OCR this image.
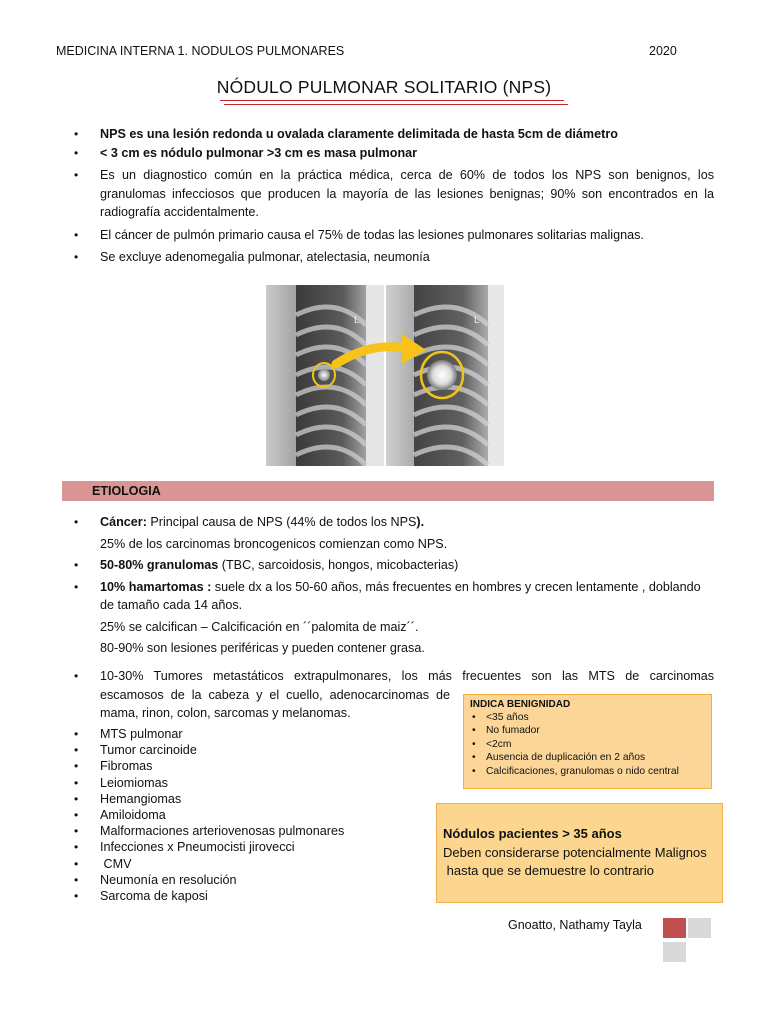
MEDICINA INTERNA 1. NODULOS PULMONARES	2020
NÓDULO PULMONAR SOLITARIO (NPS)
• NPS es una lesión redonda u ovalada claramente delimitada de hasta 5cm de diámetro
• < 3 cm es nódulo pulmonar >3 cm es masa pulmonar
• Es un diagnostico común en la práctica médica, cerca de 60% de todos los NPS son benignos, los granulomas infecciosos que producen la mayoría de las lesiones benignas; 90% son encontrados en la radiografía accidentalmente.
• El cáncer de pulmón primario causa el 75% de todas las lesiones pulmonares solitarias malignas.
• Se excluye adenomegalia pulmonar, atelectasia, neumonía
L	L
ETIOLOGIA
• Cáncer: Principal causa de NPS (44% de todos los NPS).
25% de los carcinomas broncogenicos comienzan como NPS.
• 50-80% granulomas (TBC, sarcoidosis, hongos, micobacterias)
• 10% hamartomas : suele dx a los 50-60 años, más frecuentes en hombres y crecen lentamente , doblando de tamaño cada 14 años.
25% se calcifican – Calcificación en ´´palomita de maiz´´.
80-90% son lesiones periféricas y pueden contener grasa.
• 10-30% Tumores metastáticos extrapulmonares, los más frecuentes son las MTS de carcinomas
escamosos de la cabeza y el cuello, adenocarcinomas de
mama, rinon, colon, sarcomas y melanomas.
• MTS pulmonar
• Tumor carcinoide
• Fibromas
• Leiomiomas
• Hemangiomas
• Amiloidoma
• Malformaciones arteriovenosas pulmonares
• Infecciones x Pneumocisti jirovecci
•  CMV
• Neumonía en resolución
• Sarcoma de kaposi
INDICA BENIGNIDAD
• <35 años
• No fumador
• <2cm
• Ausencia de duplicación en 2 años
• Calcificaciones, granulomas o nido central
Nódulos pacientes > 35 años
Deben considerarse potencialmente Malignos
hasta que se demuestre lo contrario
Gnoatto, Nathamy Tayla
